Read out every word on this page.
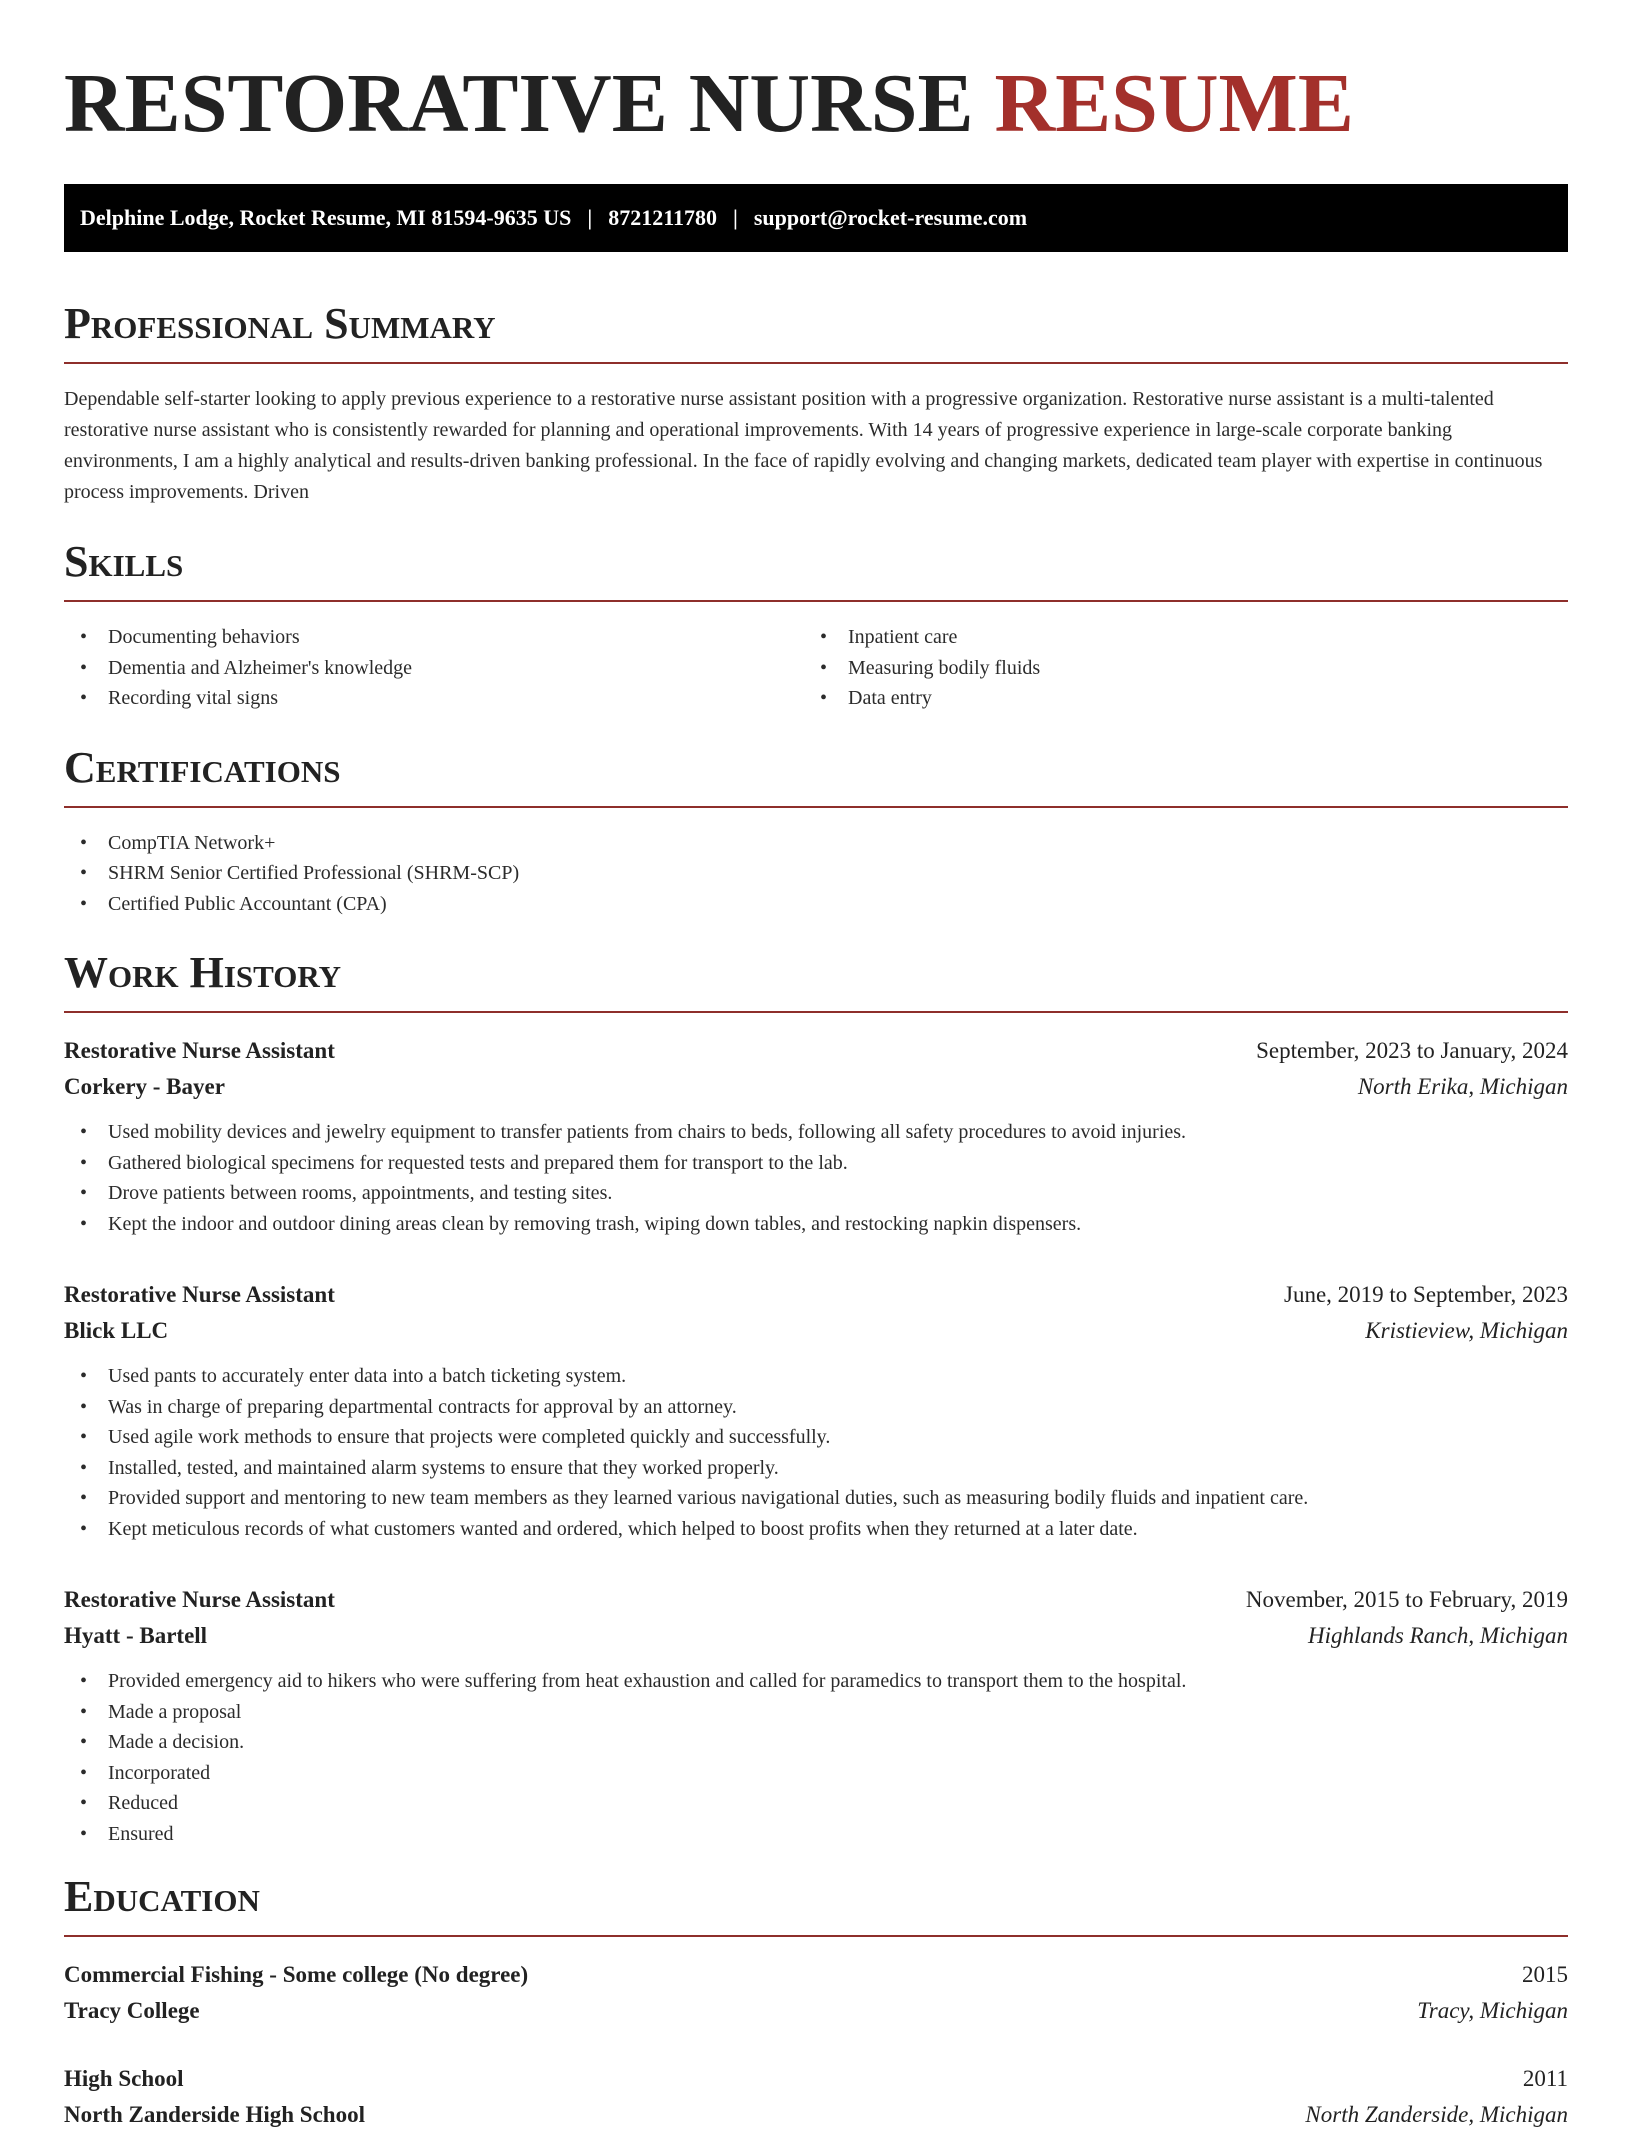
RESTORATIVE NURSE RESUME
Delphine Lodge, Rocket Resume, MI 81594-9635 US | 8721211780 | support@rocket-resume.com
Professional Summary

Dependable self-starter looking to apply previous experience to a restorative nurse assistant position with a progressive organization. Restorative nurse assistant is a multi-talented restorative nurse assistant who is consistently rewarded for planning and operational improvements. With 14 years of progressive experience in large-scale corporate banking environments, I am a highly analytical and results-driven banking professional. In the face of rapidly evolving and changing markets, dedicated team player with expertise in continuous process improvements. Driven

Skills
• Documenting behaviors
• Dementia and Alzheimer's knowledge
• Recording vital signs
• Inpatient care
• Measuring bodily fluids
• Data entry
Certifications
• CompTIA Network+
• SHRM Senior Certified Professional (SHRM-SCP)
• Certified Public Accountant (CPA)
Work History
Restorative Nurse Assistant	September, 2023 to January, 2024
Corkery - Bayer	North Erika, Michigan
• Used mobility devices and jewelry equipment to transfer patients from chairs to beds, following all safety procedures to avoid injuries.
• Gathered biological specimens for requested tests and prepared them for transport to the lab.
• Drove patients between rooms, appointments, and testing sites.
• Kept the indoor and outdoor dining areas clean by removing trash, wiping down tables, and restocking napkin dispensers.
Restorative Nurse Assistant	June, 2019 to September, 2023
Blick LLC	Kristieview, Michigan
• Used pants to accurately enter data into a batch ticketing system.
• Was in charge of preparing departmental contracts for approval by an attorney.
• Used agile work methods to ensure that projects were completed quickly and successfully.
• Installed, tested, and maintained alarm systems to ensure that they worked properly.
• Provided support and mentoring to new team members as they learned various navigational duties, such as measuring bodily fluids and inpatient care.
• Kept meticulous records of what customers wanted and ordered, which helped to boost profits when they returned at a later date.
Restorative Nurse Assistant	November, 2015 to February, 2019
Hyatt - Bartell	Highlands Ranch, Michigan
• Provided emergency aid to hikers who were suffering from heat exhaustion and called for paramedics to transport them to the hospital.
• Made a proposal
• Made a decision.
• Incorporated
• Reduced
• Ensured
Education
Commercial Fishing - Some college (No degree)	2015
Tracy College	Tracy, Michigan
High School	2011
North Zanderside High School	North Zanderside, Michigan
